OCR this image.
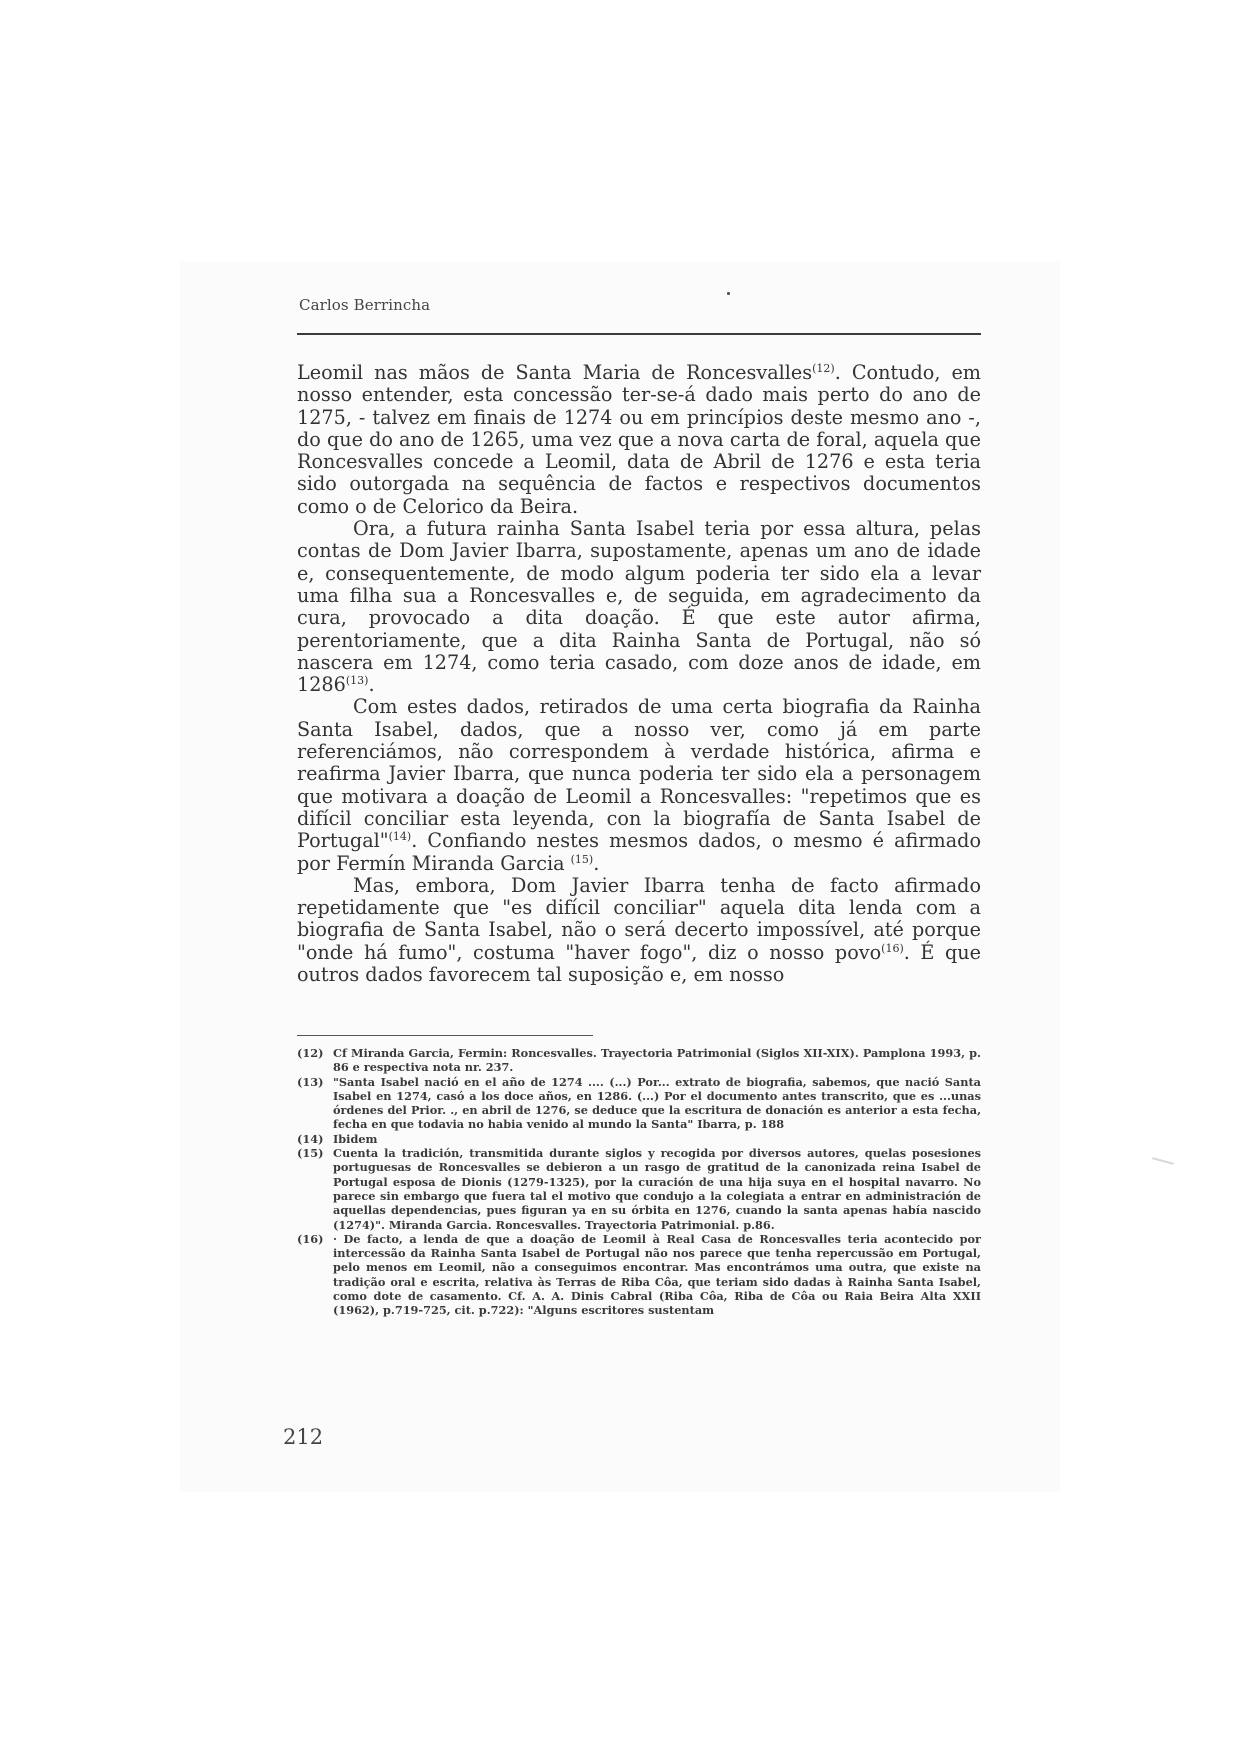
Carlos Berrincha

Leomil nas mãos de Santa Maria de Roncesvalles$^{(12)}$. Contudo, em nosso entender, esta concessão ter-se-á dado mais perto do ano de 1275, - talvez em finais de 1274 ou em princípios deste mesmo ano -, do que do ano de 1265, uma vez que a nova carta de foral, aquela que Roncesvalles concede a Leomil, data de Abril de 1276 e esta teria sido outorgada na sequência de factos e respectivos documentos como o de Celorico da Beira.

Ora, a futura rainha Santa Isabel teria por essa altura, pelas contas de Dom Javier Ibarra, supostamente, apenas um ano de idade e, consequentemente, de modo algum poderia ter sido ela a levar uma filha sua a Roncesvalles e, de seguida, em agradecimento da cura, provocado a dita doação. É que este autor afirma, perentoriamente, que a dita Rainha Santa de Portugal, não só nascera em 1274, como teria casado, com doze anos de idade, em 1286$^{(13)}$.

Com estes dados, retirados de uma certa biografia da Rainha Santa Isabel, dados, que a nosso ver, como já em parte referenciámos, não correspondem à verdade histórica, afirma e reafirma Javier Ibarra, que nunca poderia ter sido ela a personagem que motivara a doação de Leomil a Roncesvalles: "repetimos que es difícil conciliar esta leyenda, con la biografía de Santa Isabel de Portugal"$^{(14)}$. Confiando nestes mesmos dados, o mesmo é afirmado por Fermín Miranda Garcia $^{(15)}$.

Mas, embora, Dom Javier Ibarra tenha de facto afirmado repetidamente que "es difícil conciliar" aquela dita lenda com a biografia de Santa Isabel, não o será decerto impossível, até porque "onde há fumo", costuma "haver fogo", diz o nosso povo$^{(16)}$. É que outros dados favorecem tal suposição e, em nosso

(12) Cf Miranda Garcia, Fermin: Roncesvalles. Trayectoria Patrimonial (Siglos XII-XIX). Pamplona 1993, p. 86 e respectiva nota nr. 237.
(13) "Santa Isabel nació en el año de 1274 .... (...) Por... extrato de biografia, sabemos, que nació Santa Isabel en 1274, casó a los doce años, en 1286. (...) Por el documento antes transcrito, que es ...unas órdenes del Prior. ., en abril de 1276, se deduce que la escritura de donación es anterior a esta fecha, fecha en que todavia no habia venido al mundo la Santa" Ibarra, p. 188
(14) Ibidem
(15) Cuenta la tradición, transmitida durante siglos y recogida por diversos autores, quelas posesiones portuguesas de Roncesvalles se debieron a un rasgo de gratitud de la canonizada reina Isabel de Portugal esposa de Dionis (1279-1325), por la curación de una hija suya en el hospital navarro. No parece sin embargo que fuera tal el motivo que condujo a la colegiata a entrar en administración de aquellas dependencias, pues figuran ya en su órbita en 1276, cuando la santa apenas había nascido (1274)". Miranda Garcia. Roncesvalles. Trayectoria Patrimonial. p.86.
(16) · De facto, a lenda de que a doação de Leomil à Real Casa de Roncesvalles teria acontecido por intercessão da Rainha Santa Isabel de Portugal não nos parece que tenha repercussão em Portugal, pelo menos em Leomil, não a conseguimos encontrar. Mas encontrámos uma outra, que existe na tradição oral e escrita, relativa às Terras de Riba Côa, que teriam sido dadas à Rainha Santa Isabel, como dote de casamento. Cf. A. A. Dinis Cabral (Riba Côa, Riba de Côa ou Raia Beira Alta XXII (1962), p.719-725, cit. p.722): "Alguns escritores sustentam
212
